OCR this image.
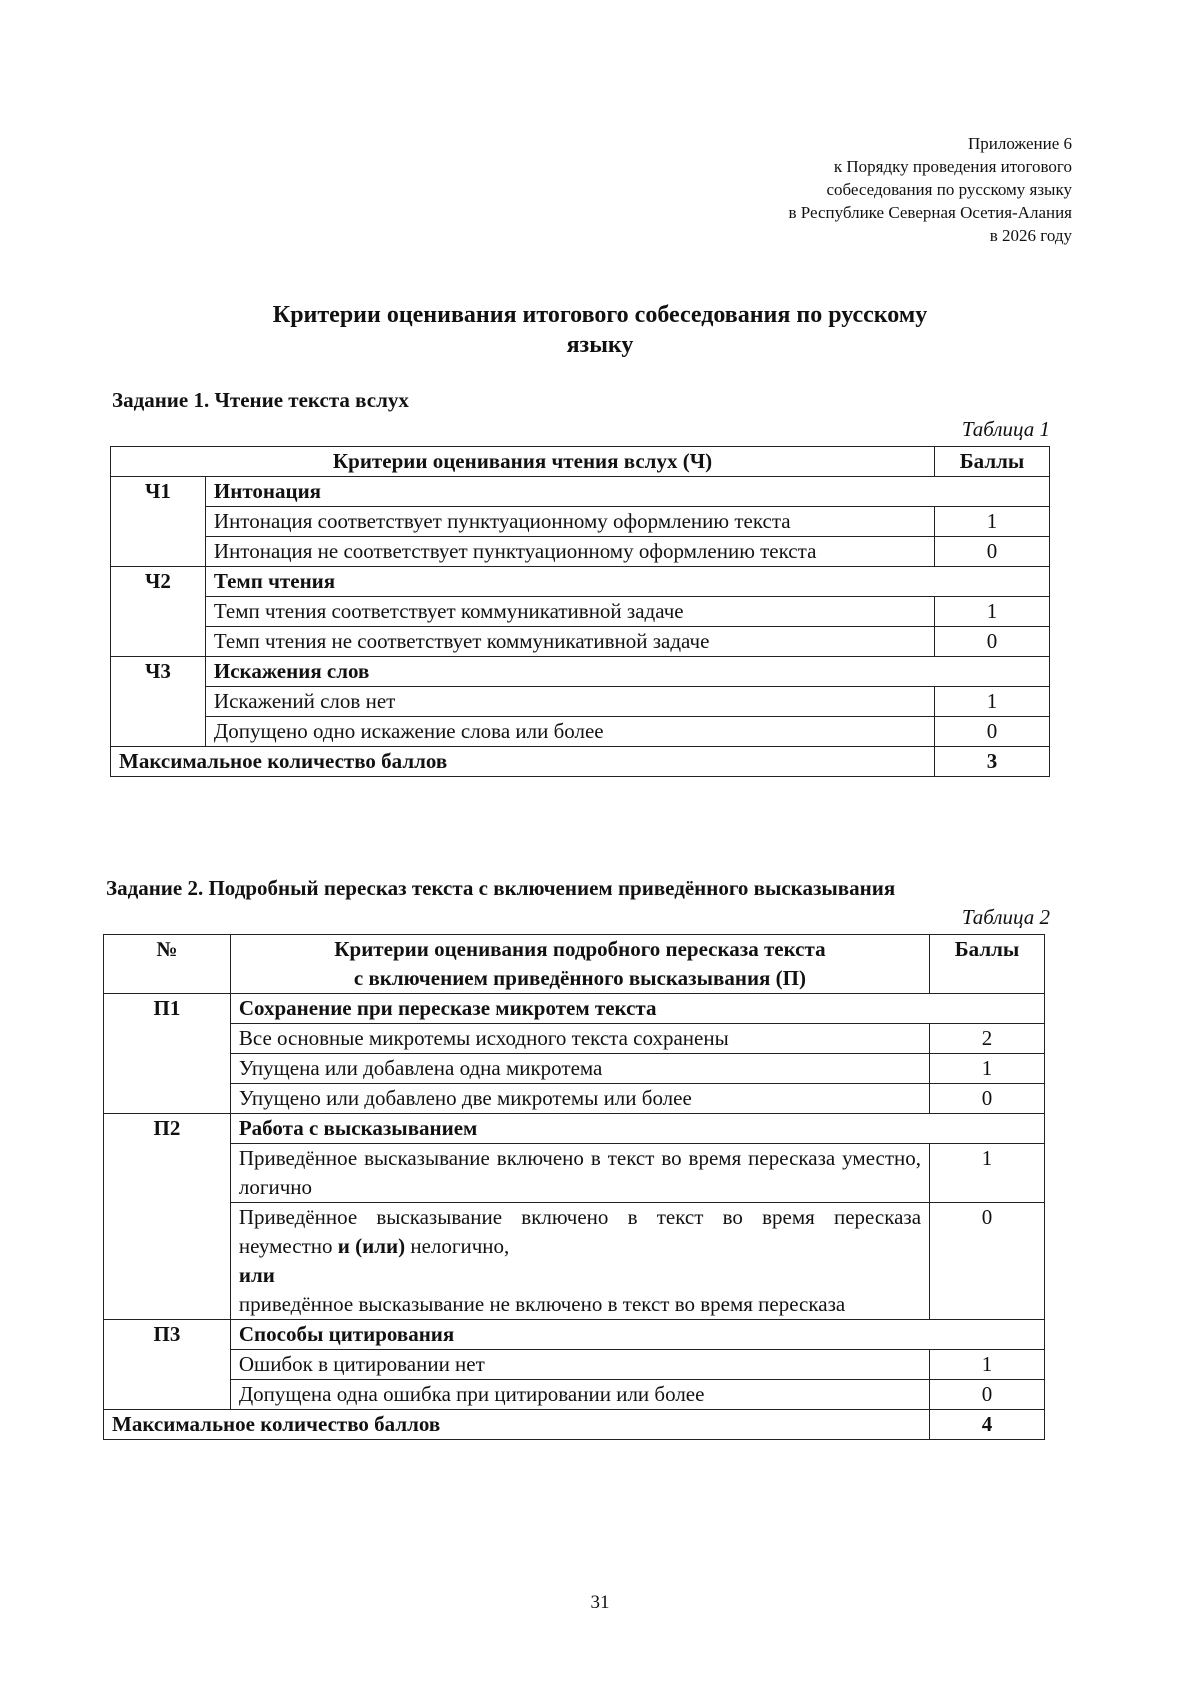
Приложение 6
к Порядку проведения итогового
собеседования по русскому языку
в Республике Северная Осетия-Алания
в 2026 году
Критерии оценивания итогового собеседования по русскому
языку
Задание 1. Чтение текста вслух
Таблица 1
Критерии оценивания чтения вслух (Ч)		Баллы
Ч1	Интонация	
	Интонация соответствует пунктуационному оформлению текста	1
	Интонация не соответствует пунктуационному оформлению текста	0
Ч2	Темп чтения	
	Темп чтения соответствует коммуникативной задаче	1
	Темп чтения не соответствует коммуникативной задаче	0
Ч3	Искажения слов	
	Искажений слов нет	1
	Допущено одно искажение слова или более	0
Максимальное количество баллов		3
Задание 2. Подробный пересказ текста с включением приведённого высказывания
Таблица 2
№	Критерии оценивания подробного пересказа текста
с включением приведённого высказывания (П)	Баллы
П1	Сохранение при пересказе микротем текста	
	Все основные микротемы исходного текста сохранены	2
	Упущена или добавлена одна микротема	1
	Упущено или добавлено две микротемы или более	0
П2	Работа с высказыванием	
	Приведённое высказывание включено в текст во время пересказа уместно, логично	1
	Приведённое высказывание включено в текст во время пересказа неуместно и (или) нелогично,
или
приведённое высказывание не включено в текст во время пересказа	0
П3	Способы цитирования	
	Ошибок в цитировании нет	1
	Допущена одна ошибка при цитировании или более	0
Максимальное количество баллов		4
31
